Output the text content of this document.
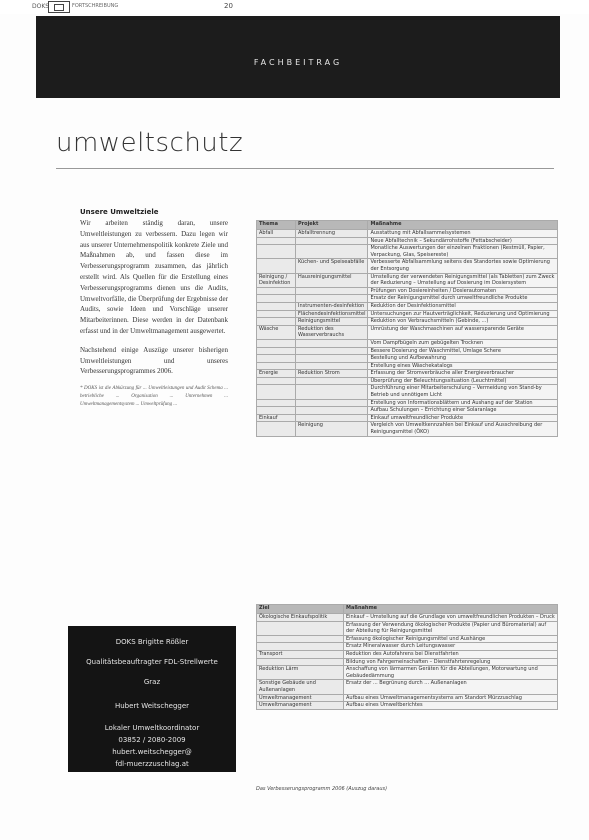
DOKS	FORTSCHREIBUNG	20
FACHBEITRAG
umweltschutz
Unsere Umweltziele

Wir arbeiten ständig daran, unsere Umweltleistungen zu verbessern. Dazu legen wir aus unserer Unternehmenspolitik konkrete Ziele und Maßnahmen ab, und fassen diese im Verbesserungsprogramm zusammen, das jährlich erstellt wird. Als Quellen für die Erstellung eines Verbesserungsprogramms dienen uns die Audits, Umweltvorfälle, die Überprüfung der Ergebnisse der Audits, sowie Ideen und Vorschläge unserer Mitarbeiterinnen. Diese werden in der Datenbank erfasst und in der Umweltmanagement ausgewertet.

Nachstehend einige Auszüge unserer bisherigen Umweltleistungen und unseres Verbesserungsprogrammes 2006.

* DOKS ist die Abkürzung für ... Umweltleistungen und Audit Schema ... betriebliche ... Organisation ... Unternehmen ... Umweltmanagementsystem ... Umweltprüfung ...

DOKS Brigitte Rößler
Qualitätsbeauftragter FDL-Strellwerte
Graz
Hubert Weitschegger
Lokaler Umweltkoordinator
03852 / 2080-2009
hubert.weitschegger@
fdl-muerzzuschlag.at
Thema	Projekt	Maßnahme
Abfall	Abfalltrennung	Ausstattung mit Abfallsammelsystemen
		Neue Abfalltechnik – Sekundärrohstoffe (Fettabscheider)
		Monatliche Auswertungen der einzelnen Fraktionen (Restmüll, Papier, Verpackung, Glas, Speisereste)
	Küchen- und Speiseabfälle	Verbesserte Abfallsammlung seitens des Standortes sowie Optimierung der Entsorgung
Reinigung / Desinfektion	Hausreinigungsmittel	Umstellung der verwendeten Reinigungsmittel (als Tabletten) zum Zweck der Reduzierung – Umstellung auf Dosierung im Dosiersystem
		Prüfungen von Dosiereinheiten / Dosierautomaten
		Ersatz der Reinigungsmittel durch umweltfreundliche Produkte
	Instrumenten-desinfektion	Reduktion der Desinfektionsmittel
	Flächendesinfektionsmittel	Untersuchungen zur Hautverträglichkeit, Reduzierung und Optimierung
	Reinigungsmittel	Reduktion von Verbrauchsmitteln (Gebinde, ...)
Wäsche	Reduktion des Wasserverbrauchs	Umrüstung der Waschmaschinen auf wassersparende Geräte
		Vom Dampfbügeln zum gebügelten Trocknen
		Bessere Dosierung der Waschmittel, Umlage Schere
		Bestellung und Aufbewahrung
		Erstellung eines Wäschekatalogs
Energie	Reduktion Strom	Erfassung der Stromverbräuche aller Energieverbraucher
		Überprüfung der Beleuchtungssituation (Leuchtmittel)
		Durchführung einer Mitarbeiterschulung – Vermeidung von Stand-by Betrieb und unnötigem Licht
		Erstellung von Informationsblättern und Aushang auf der Station
		Aufbau Schulungen – Errichtung einer Solaranlage
Einkauf		Einkauf umweltfreundlicher Produkte
	Reinigung	Vergleich von Umweltkennzahlen bei Einkauf und Ausschreibung der Reinigungsmittel (ÖKO)
Ziel	Maßnahme
Ökologische Einkaufspolitik	Einkauf – Umstellung auf die Grundlage von umweltfreundlichen Produkten – Druck
	Erfassung der Verwendung ökologischer Produkte (Papier und Büromaterial) auf der Abteilung für Reinigungsmittel
	Erfassung ökologischer Reinigungsmittel und Aushänge
	Ersatz Mineralwasser durch Leitungswasser
Transport	Reduktion des Autofahrens bei Dienstfahrten
	Bildung von Fahrgemeinschaften – Dienstfahrtenregelung
Reduktion Lärm	Anschaffung von lärmarmen Geräten für die Abteilungen, Motorwartung und Gebäudedämmung
Sonstige Gebäude und Außenanlagen	Ersatz der ... Begrünung durch ... Außenanlagen
Umweltmanagement	Aufbau eines Umweltmanagementsystems am Standort Mürzzuschlag
Umweltmanagement	Aufbau eines Umweltberichtes
Das Verbesserungsprogramm 2006 (Auszug daraus)
